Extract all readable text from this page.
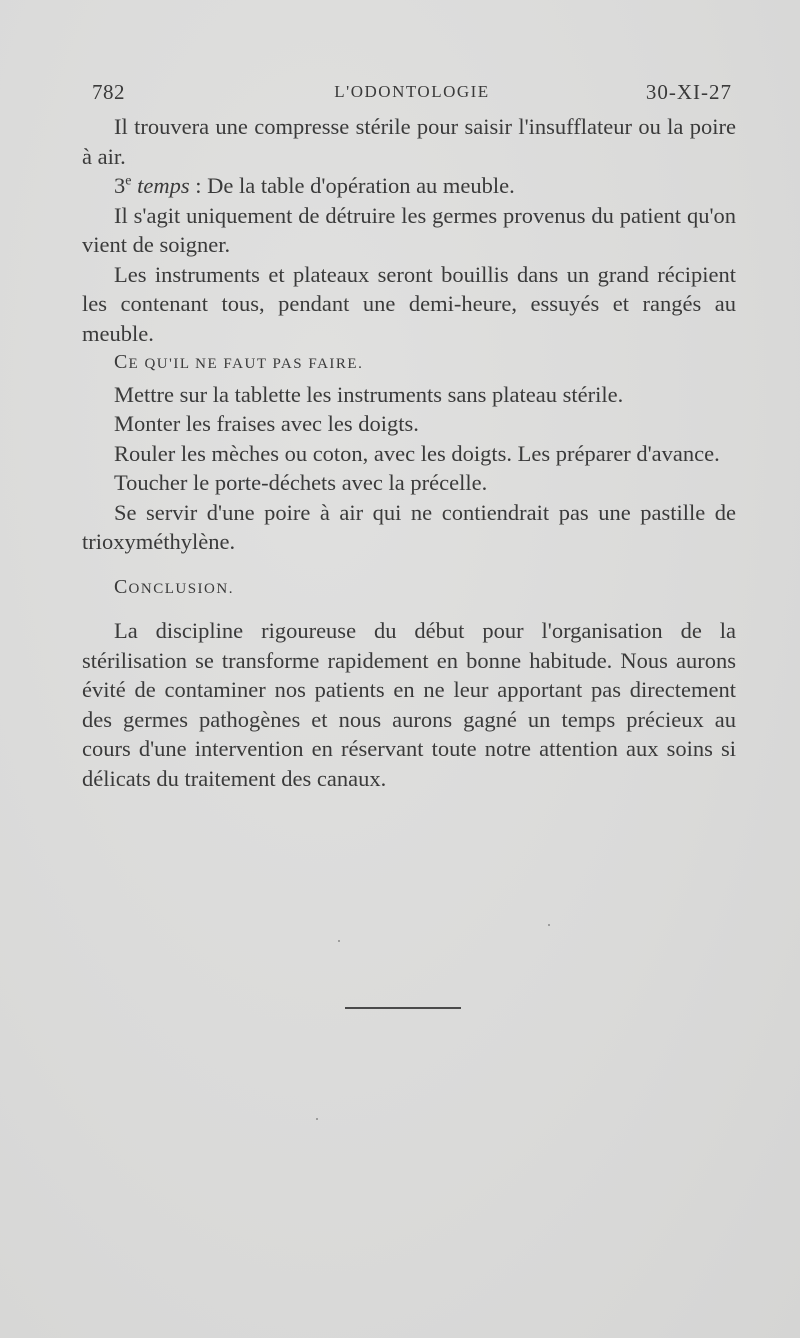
782	L'ODONTOLOGIE	30-XI-27

Il trouvera une compresse stérile pour saisir l'insufflateur ou la poire à air.

3e temps : De la table d'opération au meuble.

Il s'agit uniquement de détruire les germes provenus du patient qu'on vient de soigner.

Les instruments et plateaux seront bouillis dans un grand récipient les contenant tous, pendant une demi-heure, essuyés et rangés au meuble.

CE QU'IL NE FAUT PAS FAIRE.

Mettre sur la tablette les instruments sans plateau stérile.

Monter les fraises avec les doigts.

Rouler les mèches ou coton, avec les doigts. Les préparer d'avance.

Toucher le porte-déchets avec la précelle.

Se servir d'une poire à air qui ne contiendrait pas une pastille de trioxyméthylène.

CONCLUSION.

La discipline rigoureuse du début pour l'organisation de la stérilisation se transforme rapidement en bonne habitude. Nous aurons évité de contaminer nos patients en ne leur apportant pas directement des germes pathogènes et nous aurons gagné un temps précieux au cours d'une intervention en réservant toute notre attention aux soins si délicats du traitement des canaux.
